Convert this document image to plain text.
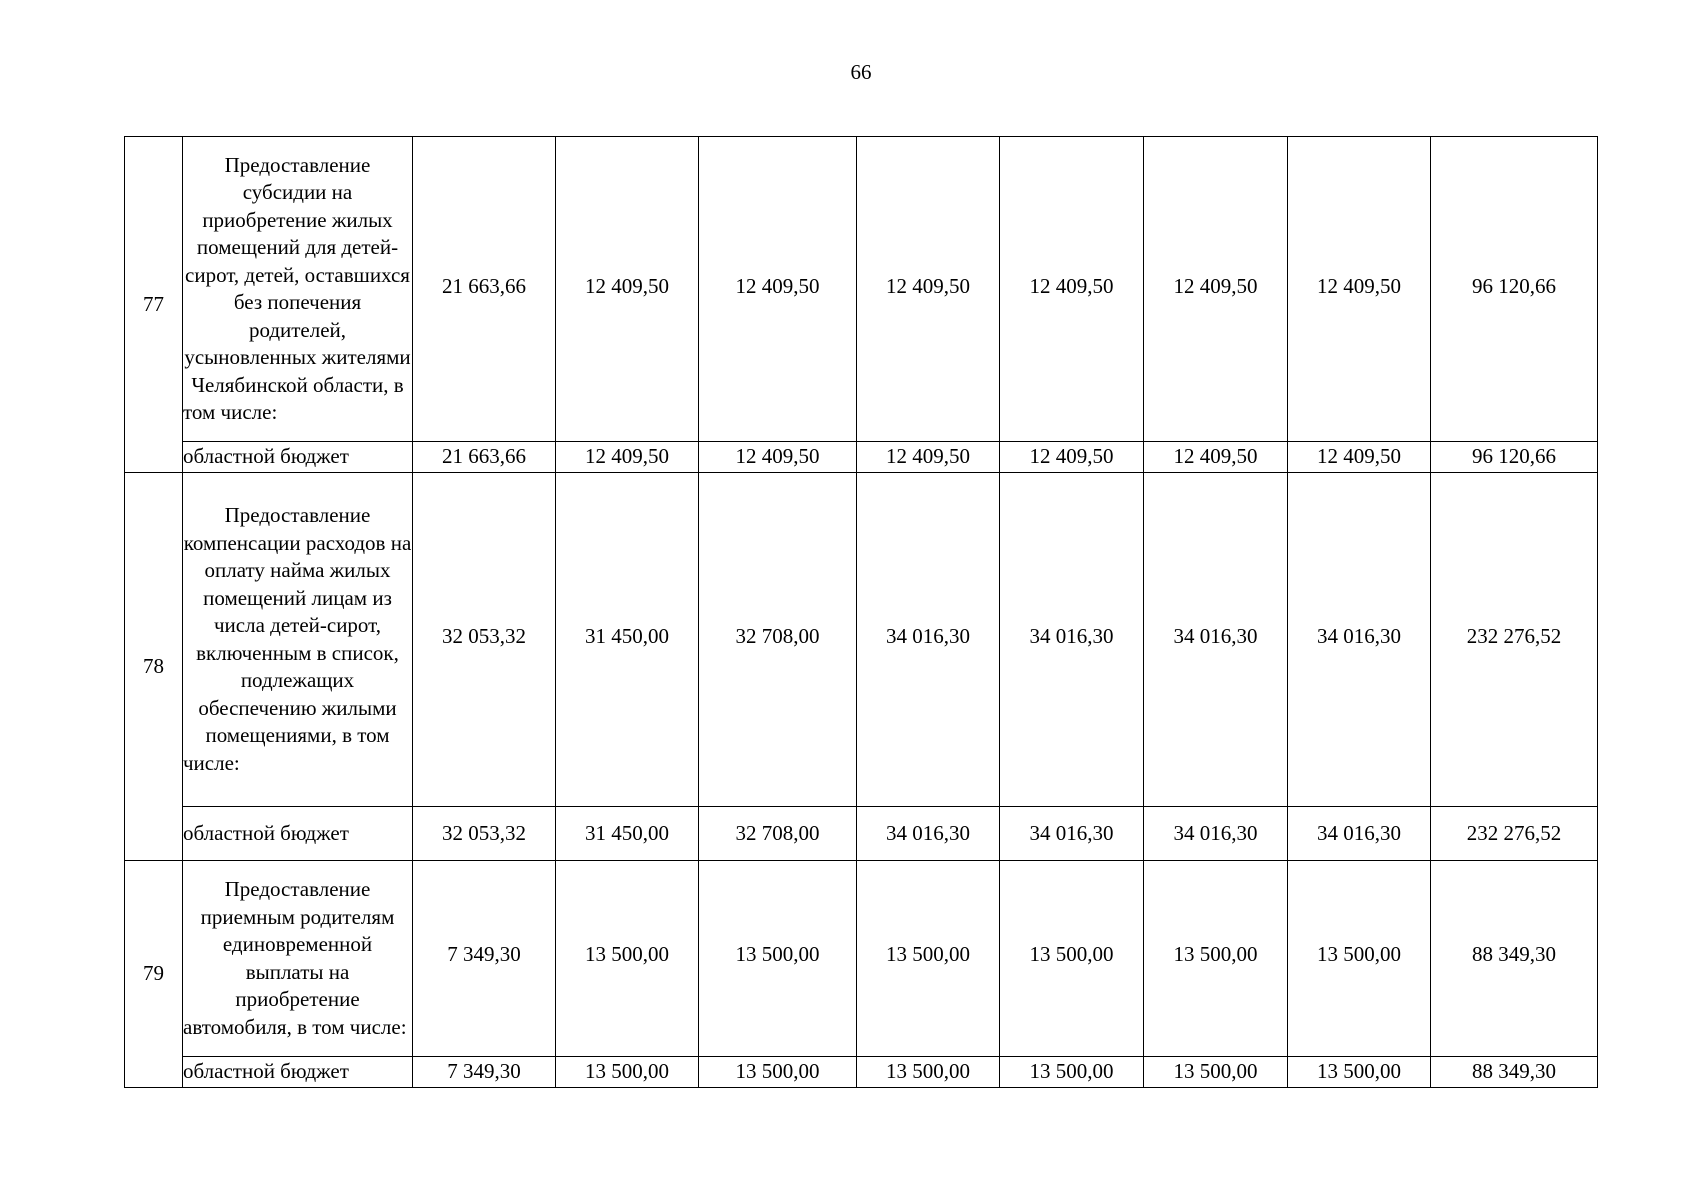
66
77	Предоставление субсидии на приобретение жилых помещений для детей-сирот, детей, оставшихся без попечения родителей, усыновленных жителями Челябинской области, в том числе:	21 663,66	12 409,50	12 409,50	12 409,50	12 409,50	12 409,50	12 409,50	96 120,66
	областной бюджет	21 663,66	12 409,50	12 409,50	12 409,50	12 409,50	12 409,50	12 409,50	96 120,66
78	Предоставление компенсации расходов на оплату найма жилых помещений лицам из числа детей-сирот, включенным в список, подлежащих обеспечению жилыми помещениями, в том числе:	32 053,32	31 450,00	32 708,00	34 016,30	34 016,30	34 016,30	34 016,30	232 276,52
	областной бюджет	32 053,32	31 450,00	32 708,00	34 016,30	34 016,30	34 016,30	34 016,30	232 276,52
79	Предоставление приемным родителям единовременной выплаты на приобретение автомобиля, в том числе:	7 349,30	13 500,00	13 500,00	13 500,00	13 500,00	13 500,00	13 500,00	88 349,30
	областной бюджет	7 349,30	13 500,00	13 500,00	13 500,00	13 500,00	13 500,00	13 500,00	88 349,30
